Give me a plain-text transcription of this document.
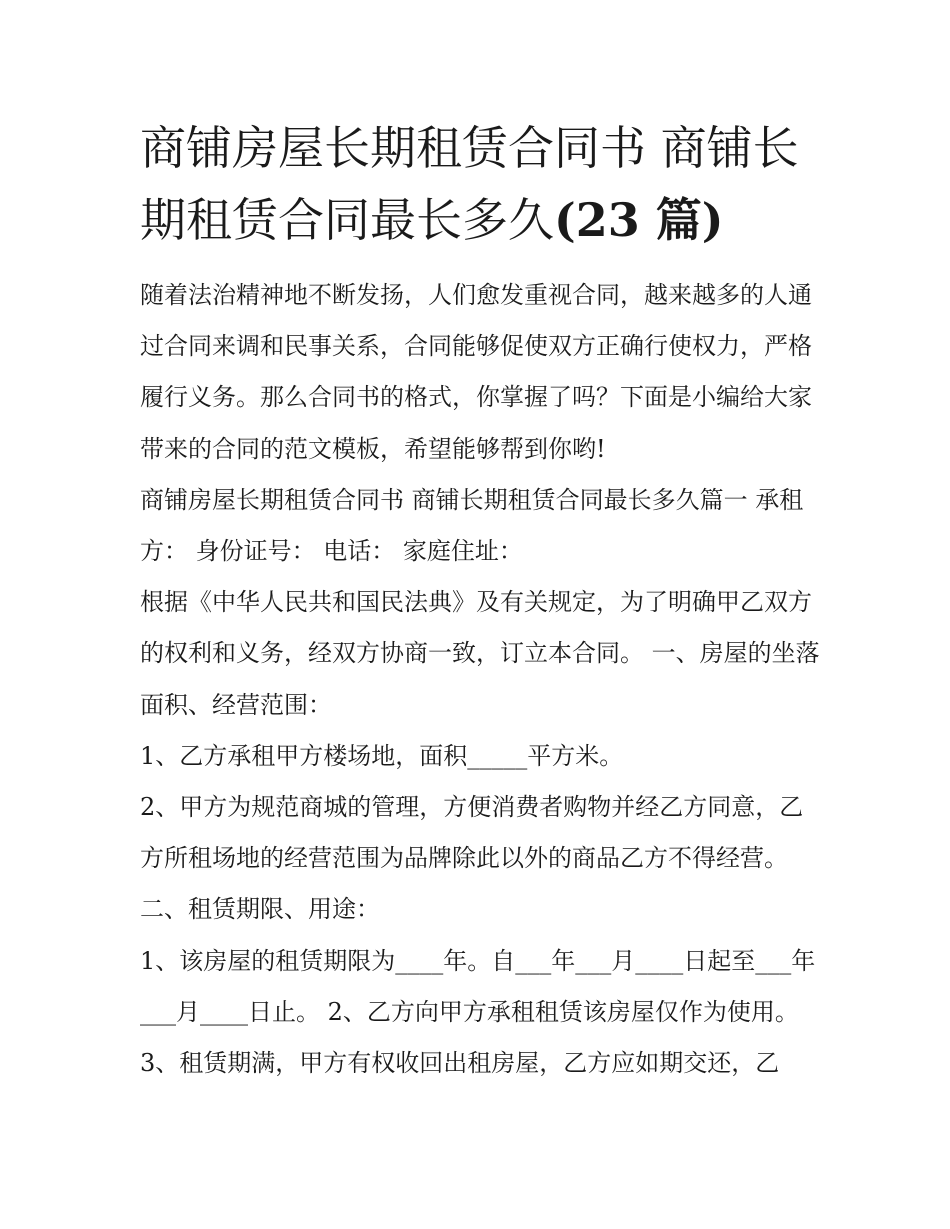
商铺房屋长期租赁合同书 商铺长期租赁合同最长多久(23 篇)

随着法治精神地不断发扬，人们愈发重视合同，越来越多的人通过合同来调和民事关系，合同能够促使双方正确行使权力，严格履行义务。那么合同书的格式，你掌握了吗？下面是小编给大家带来的合同的范文模板，希望能够帮到你哟!

商铺房屋长期租赁合同书 商铺长期租赁合同最长多久篇一 承租方： 身份证号： 电话： 家庭住址：

根据《中华人民共和国民法典》及有关规定，为了明确甲乙双方的权利和义务，经双方协商一致，订立本合同。 一、房屋的坐落面积、经营范围：

1、乙方承租甲方楼场地，面积_____平方米。

2、甲方为规范商城的管理，方便消费者购物并经乙方同意，乙方所租场地的经营范围为品牌除此以外的商品乙方不得经营。 二、租赁期限、用途：

1、该房屋的租赁期限为____年。自___年___月____日起至___年___月____日止。 2、乙方向甲方承租租赁该房屋仅作为使用。

3、租赁期满，甲方有权收回出租房屋，乙方应如期交还，乙
